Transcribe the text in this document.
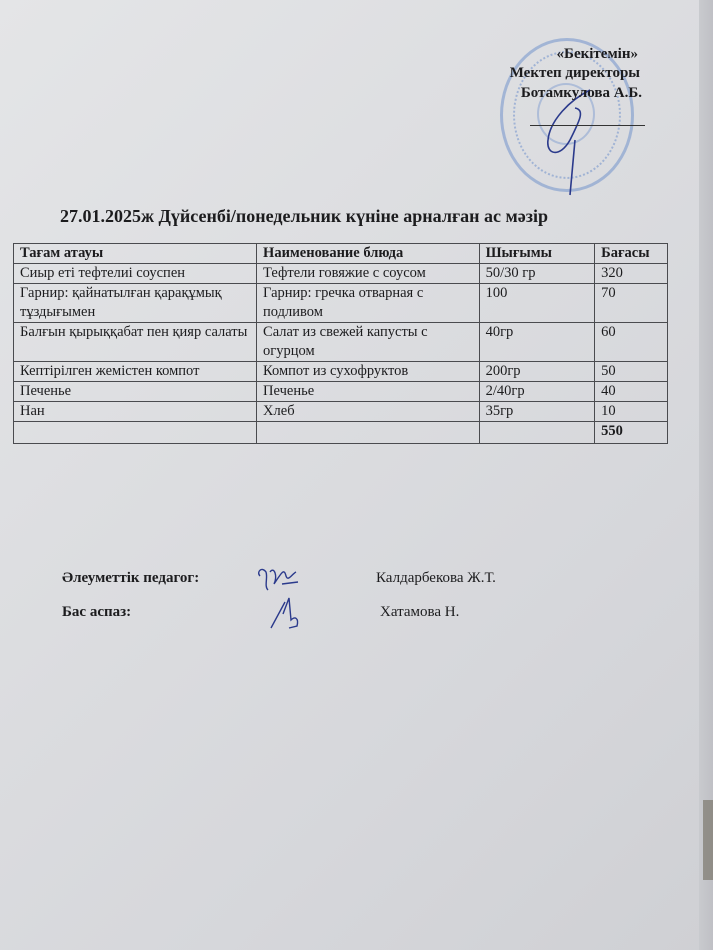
«Бекітемін»
Мектеп директоры
Ботамкулова А.Б.
27.01.2025ж Дүйсенбі/понедельник күніне арналған ас мәзір
Тағам атауы	Наименование блюда	Шығымы	Бағасы
Сиыр еті тефтелиі соуспен	Тефтели говяжие с соусом	50/30 гр	320
Гарнир: қайнатылған қарақұмық тұздығымен	Гарнир: гречка отварная с подливом	100	70
Балғын қырыққабат пен қияр салаты	Салат из свежей капусты с огурцом	40гр	60
Кептірілген жемістен компот	Компот из сухофруктов	200гр	50
Печенье	Печенье	2/40гр	40
Нан	Хлеб	35гр	10
			550
Әлеуметтік педагог:	Калдарбекова Ж.Т.
Бас аспаз:	Хатамова Н.
